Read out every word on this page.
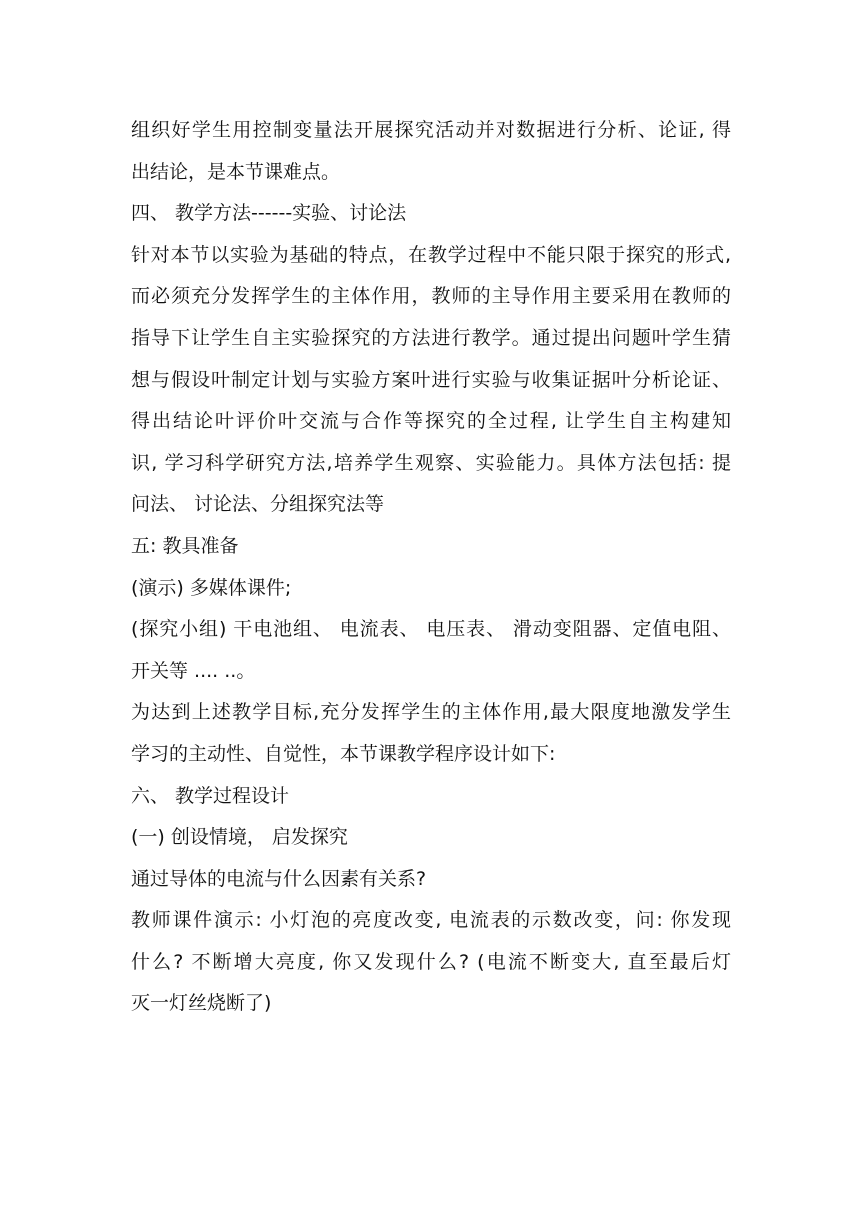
组织好学生用控制变量法开展探究活动并对数据进行分析、论证, 得
出结论，是本节课难点。
四、 教学方法------实验、讨论法
针对本节以实验为基础的特点，在教学过程中不能只限于探究的形式,
而必须充分发挥学生的主体作用，教师的主导作用主要采用在教师的
指导下让学生自主实验探究的方法进行教学。通过提出问题叶学生猜
想与假设叶制定计划与实验方案叶进行实验与收集证据叶分析论证、
得出结论叶评价叶交流与合作等探究的全过程, 让学生自主构建知
识, 学习科学研究方法,培养学生观察、实验能力。具体方法包括: 提
问法、 讨论法、分组探究法等
五: 教具准备
(演示) 多媒体课件;
(探究小组) 干电池组、 电流表、 电压表、 滑动变阻器、定值电阻、
开关等 .... ..。
为达到上述教学目标,充分发挥学生的主体作用,最大限度地激发学生
学习的主动性、自觉性，本节课教学程序设计如下:
六、 教学过程设计
(一) 创设情境， 启发探究
通过导体的电流与什么因素有关系?
教师课件演示: 小灯泡的亮度改变, 电流表的示数改变，问: 你发现
什么? 不断增大亮度, 你又发现什么? (电流不断变大, 直至最后灯
灭一灯丝烧断了)
